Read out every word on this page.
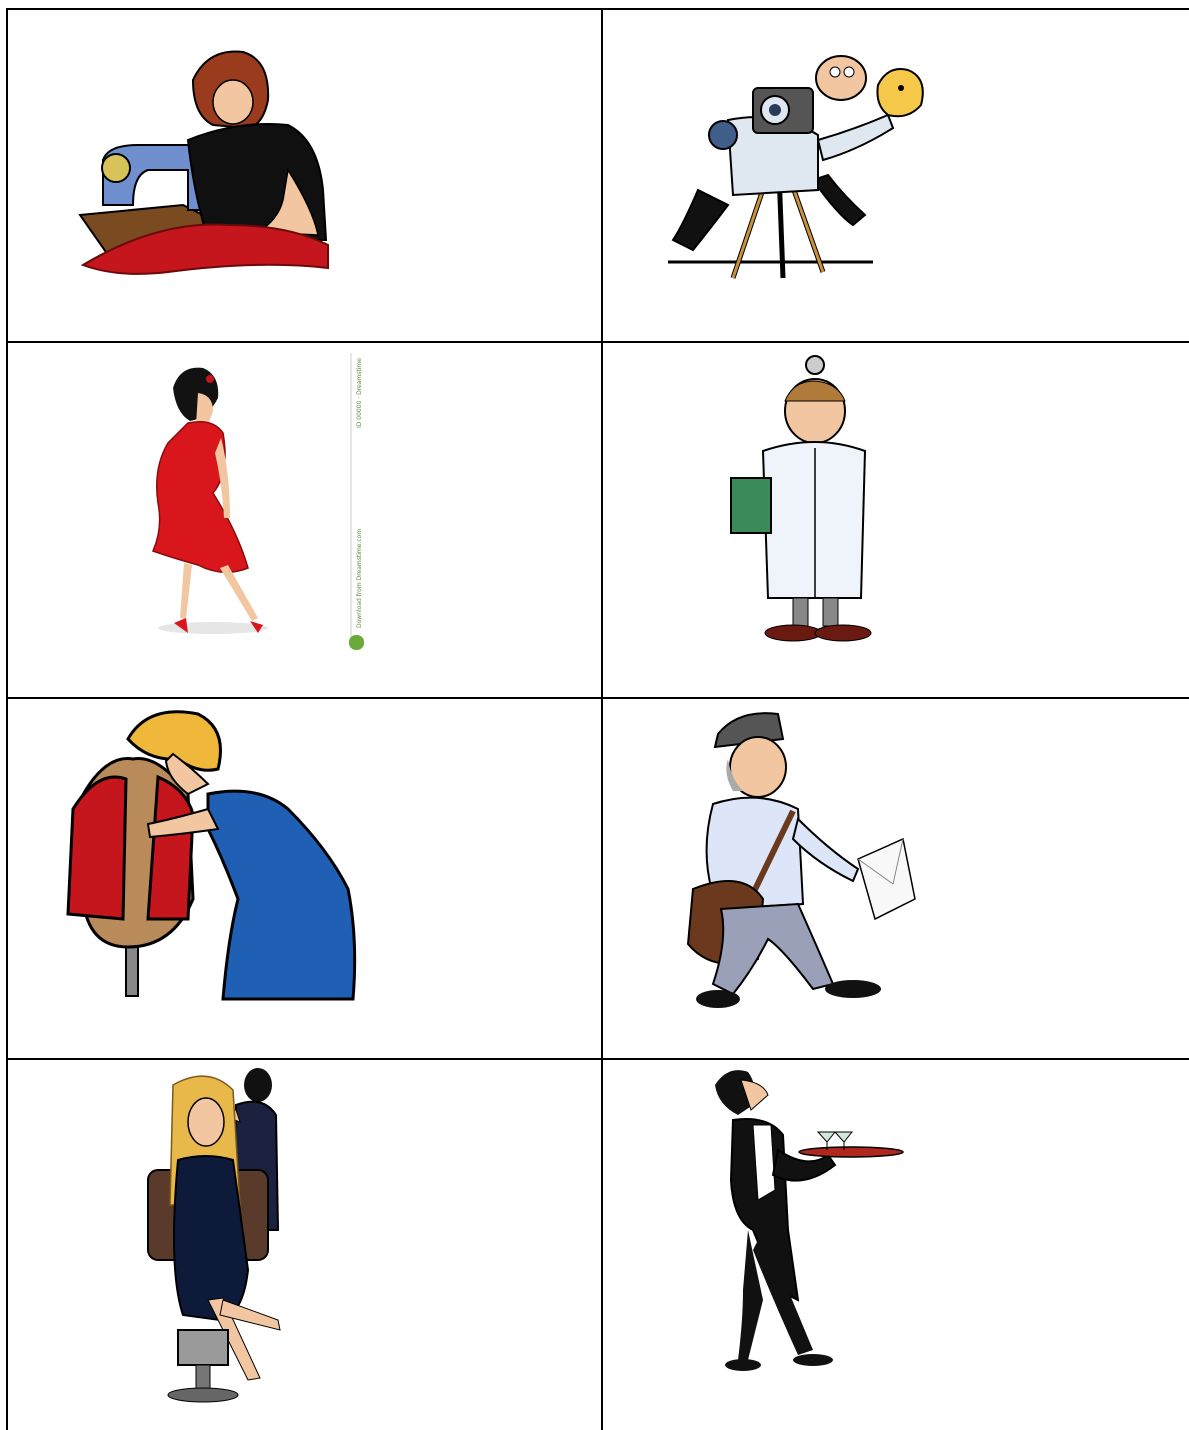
ID 00000 · Dreamstime
Download from Dreamstime.com
